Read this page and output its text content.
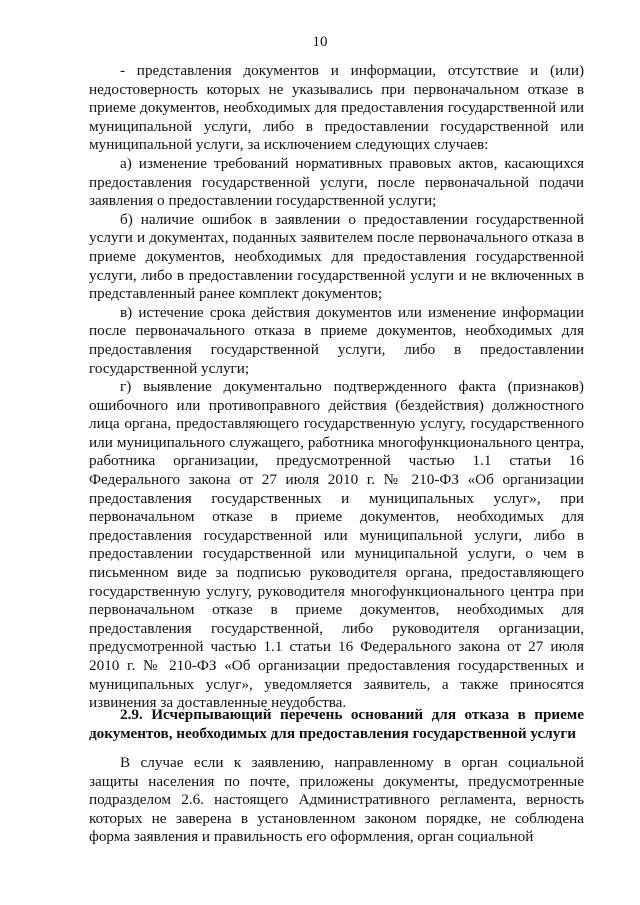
10

- представления документов и информации, отсутствие и (или) недостоверность которых не указывались при первоначальном отказе в приеме документов, необходимых для предоставления государственной или муниципальной услуги, либо в предоставлении государственной или муниципальной услуги, за исключением следующих случаев:

а) изменение требований нормативных правовых актов, касающихся предоставления государственной услуги, после первоначальной подачи заявления о предоставлении государственной услуги;

б) наличие ошибок в заявлении о предоставлении государственной услуги и документах, поданных заявителем после первоначального отказа в приеме документов, необходимых для предоставления государственной услуги, либо в предоставлении государственной услуги и не включенных в представленный ранее комплект документов;

в) истечение срока действия документов или изменение информации после первоначального отказа в приеме документов, необходимых для предоставления государственной услуги, либо в предоставлении государственной услуги;

г) выявление документально подтвержденного факта (признаков) ошибочного или противоправного действия (бездействия) должностного лица органа, предоставляющего государственную услугу, государственного или муниципального служащего, работника многофункционального центра, работника организации, предусмотренной частью 1.1 статьи 16 Федерального закона от 27 июля 2010 г. № 210-ФЗ «Об организации предоставления государственных и муниципальных услуг», при первоначальном отказе в приеме документов, необходимых для предоставления государственной или муниципальной услуги, либо в предоставлении государственной или муниципальной услуги, о чем в письменном виде за подписью руководителя органа, предоставляющего государственную услугу, руководителя многофункционального центра при первоначальном отказе в приеме документов, необходимых для предоставления государственной, либо руководителя организации, предусмотренной частью 1.1 статьи 16 Федерального закона от 27 июля 2010 г. № 210-ФЗ «Об организации предоставления государственных и муниципальных услуг», уведомляется заявитель, а также приносятся извинения за доставленные неудобства.

2.9. Исчерпывающий перечень оснований для отказа в приеме документов, необходимых для предоставления государственной услуги

В случае если к заявлению, направленному в орган социальной защиты населения по почте, приложены документы, предусмотренные подразделом 2.6. настоящего Административного регламента, верность которых не заверена в установленном законом порядке, не соблюдена форма заявления и правильность его оформления, орган социальной
